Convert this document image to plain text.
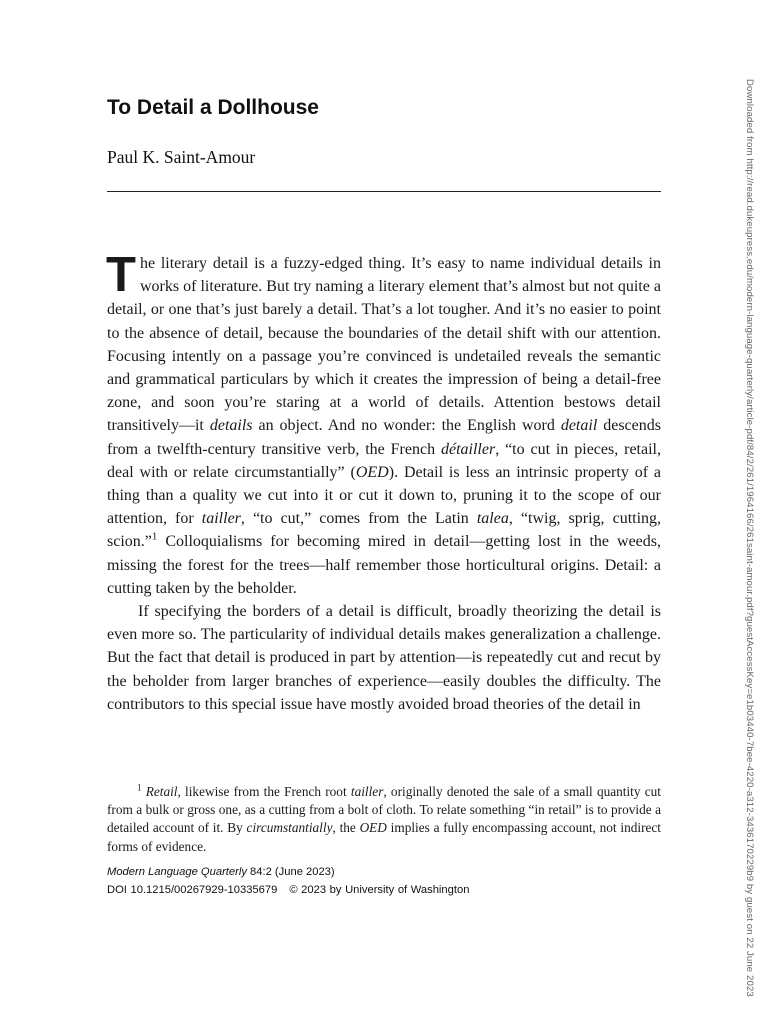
To Detail a Dollhouse

Paul K. Saint-Amour

The literary detail is a fuzzy-edged thing. It’s easy to name individual details in works of literature. But try naming a literary element that’s almost but not quite a detail, or one that’s just barely a detail. That’s a lot tougher. And it’s no easier to point to the absence of detail, because the boundaries of the detail shift with our attention. Focusing intently on a passage you’re convinced is undetailed reveals the semantic and grammatical particulars by which it creates the impression of being a detail-free zone, and soon you’re staring at a world of details. Attention bestows detail transitively—it details an object. And no wonder: the English word detail descends from a twelfth-century transitive verb, the French détailler, “to cut in pieces, retail, deal with or relate circumstantially” (OED). Detail is less an intrinsic property of a thing than a quality we cut into it or cut it down to, pruning it to the scope of our attention, for tailler, “to cut,” comes from the Latin talea, “twig, sprig, cutting, scion.”$^1$ Colloquialisms for becoming mired in detail—getting lost in the weeds, missing the forest for the trees—half remember those horticultural origins. Detail: a cutting taken by the beholder.

If specifying the borders of a detail is difficult, broadly theorizing the detail is even more so. The particularity of individual details makes generalization a challenge. But the fact that detail is produced in part by attention—is repeatedly cut and recut by the beholder from larger branches of experience—easily doubles the difficulty. The contributors to this special issue have mostly avoided broad theories of the detail in

$^1$ Retail, likewise from the French root tailler, originally denoted the sale of a small quantity cut from a bulk or gross one, as a cutting from a bolt of cloth. To relate something “in retail” is to provide a detailed account of it. By circumstantially, the OED implies a fully encompassing account, not indirect forms of evidence.

Modern Language Quarterly 84:2 (June 2023)

DOI 10.1215/00267929-10335679 © 2023 by University of Washington	Downloaded from http://read.dukeupress.edu/modern-language-quarterly/article-pdf/84/2/261/1964166/261saint-amour.pdf?guestAccessKey=e1b03440-7bee-4220-a312-3436170229b9 by guest on 22 June 2023
